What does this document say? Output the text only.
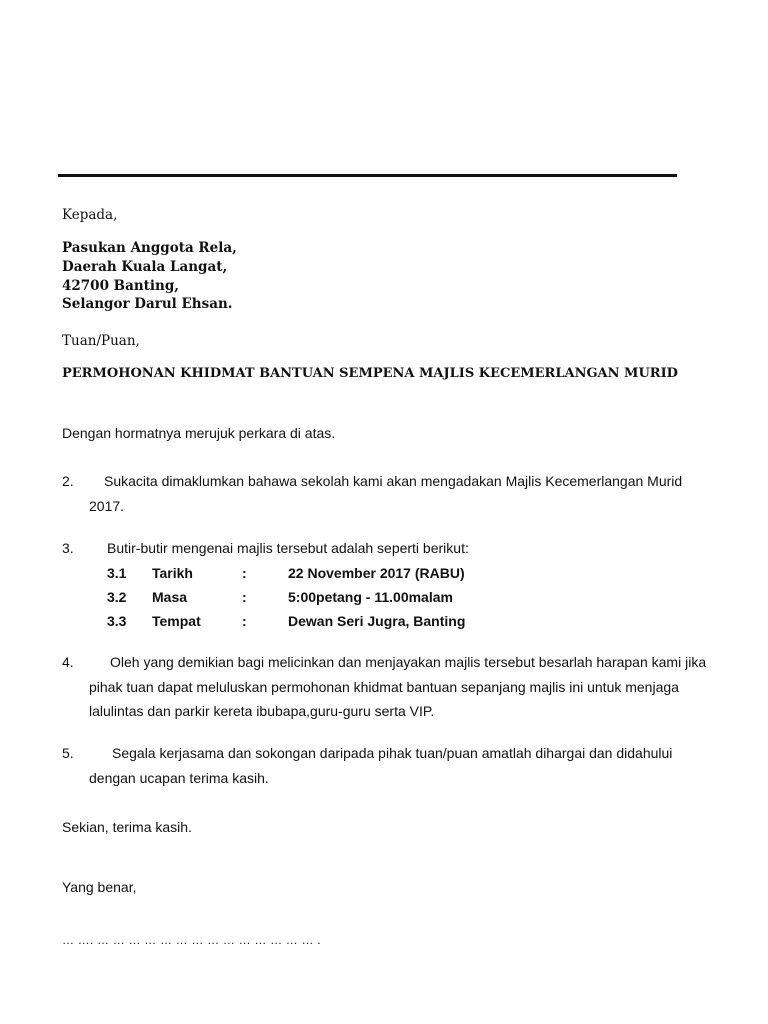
Kepada,
Pasukan Anggota Rela,
Daerah Kuala Langat,
42700 Banting,
Selangor Darul Ehsan.
Tuan/Puan,
PERMOHONAN KHIDMAT BANTUAN SEMPENA MAJLIS KECEMERLANGAN MURID
Dengan hormatnya merujuk perkara di atas.
2. Sukacita dimaklumkan bahawa sekolah kami akan mengadakan Majlis Kecemerlangan Murid
2017.
3. Butir-butir mengenai majlis tersebut adalah seperti berikut:
3.1 Tarikh	:	22 November 2017 (RABU)
3.2 Masa	:	5:00petang - 11.00malam
3.3 Tempat	:	Dewan Seri Jugra, Banting
4.	Oleh yang demikian bagi melicinkan dan menjayakan majlis tersebut besarlah harapan kami jika
pihak tuan dapat meluluskan permohonan khidmat bantuan sepanjang majlis ini untuk menjaga
lalulintas dan parkir kereta ibubapa,guru-guru serta VIP.
5.	Segala kerjasama dan sokongan daripada pihak tuan/puan amatlah dihargai dan didahului
dengan ucapan terima kasih.
Sekian, terima kasih.
Yang benar,
… …. … … … … … … … … … … … … … … .
